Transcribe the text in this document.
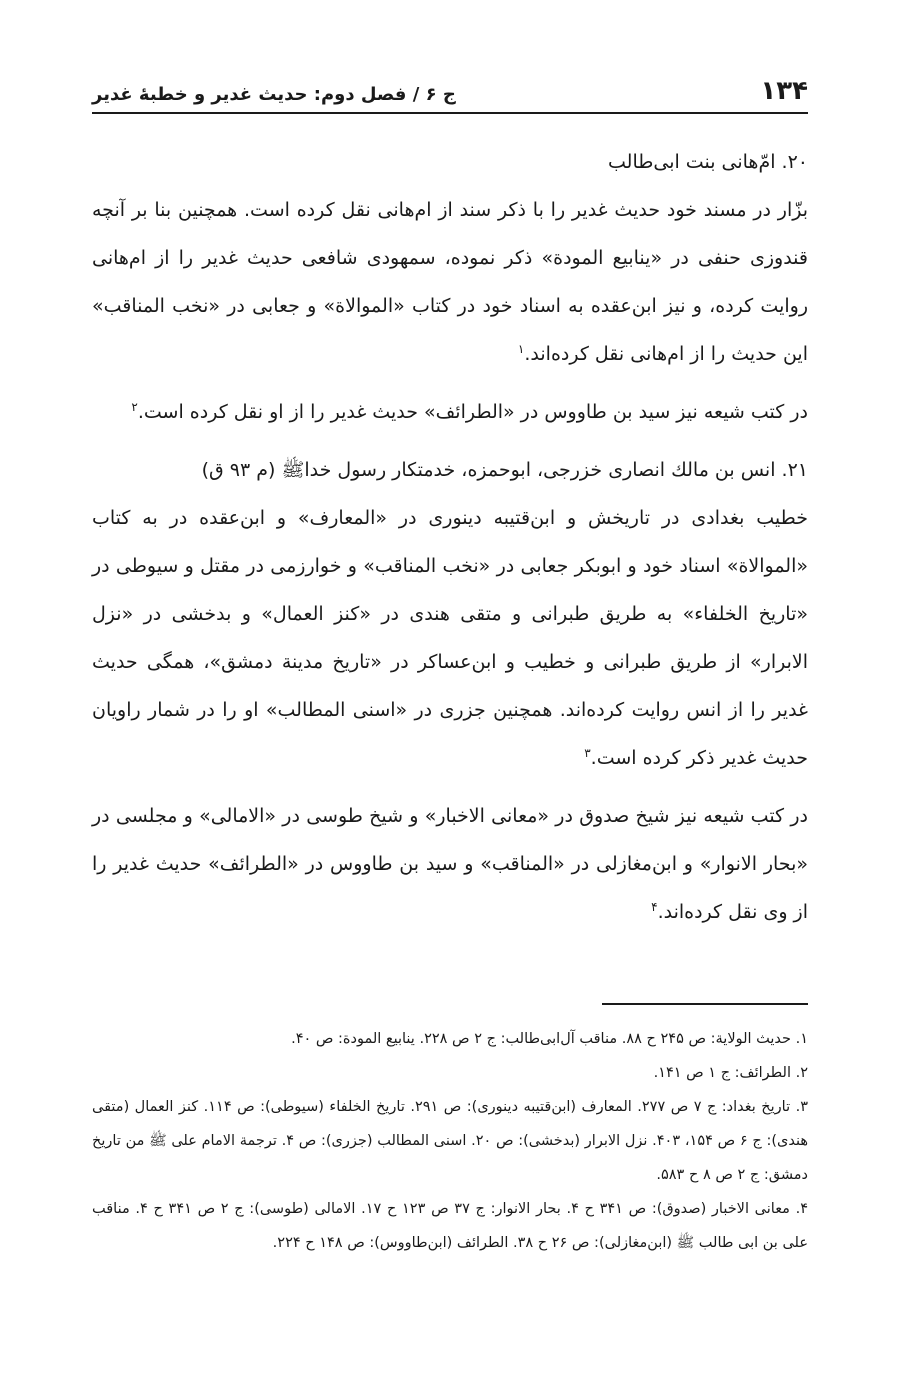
۱۳۴
ج ۶ / فصل دوم: حديث غدير و خطبهٔ غدير

۲۰. امّ‌هانى بنت ابى‌طالب

بزّار در مسند خود حديث غدير را با ذكر سند از ام‌هانى نقل كرده است. همچنين بنا بر آنچه قندوزى حنفى در «ينابيع المودة» ذكر نموده، سمهودى شافعى حديث غدير را از ام‌هانى روايت كرده، و نيز ابن‌عقده به اسناد خود در كتاب «الموالاة» و جعابى در «نخب المناقب» اين حديث را از ام‌هانى نقل كرده‌اند.$^۱$

در كتب شيعه نيز سيد بن طاووس در «الطرائف» حديث غدير را از او نقل كرده است.$^۲$

۲۱. انس بن مالك انصارى خزرجى، ابوحمزه، خدمتكار رسول خداﷺ (م ۹۳ ق)

خطيب بغدادى در تاريخش و ابن‌قتيبه دينورى در «المعارف» و ابن‌عقده در به كتاب «الموالاة» اسناد خود و ابوبكر جعابى در «نخب المناقب» و خوارزمى در مقتل و سيوطى در «تاريخ الخلفاء» به طريق طبرانى و متقى هندى در «كنز العمال» و بدخشى در «نزل الابرار» از طريق طبرانى و خطيب و ابن‌عساكر در «تاريخ مدينة دمشق»، همگى حديث غدير را از انس روايت كرده‌اند. همچنين جزرى در «اسنى المطالب» او را در شمار راويان حديث غدير ذكر كرده است.$^۳$

در كتب شيعه نيز شيخ صدوق در «معانى الاخبار» و شيخ طوسى در «الامالى» و مجلسى در «بحار الانوار» و ابن‌مغازلى در «المناقب» و سيد بن طاووس در «الطرائف» حديث غدير را از وى نقل كرده‌اند.$^۴$

۱. حديث الولاية: ص ۲۴۵ ح ۸۸. مناقب آل‌ابى‌طالب: ج ۲ ص ۲۲۸. ينابيع المودة: ص ۴۰.

۲. الطرائف: ج ۱ ص ۱۴۱.

۳. تاريخ بغداد: ج ۷ ص ۲۷۷. المعارف (ابن‌قتيبه دينورى): ص ۲۹۱. تاريخ الخلفاء (سيوطى): ص ۱۱۴. كنز العمال (متقى هندى): ج ۶ ص ۱۵۴، ۴۰۳. نزل الابرار (بدخشى): ص ۲۰. اسنى المطالب (جزرى): ص ۴. ترجمة الامام على ﷺ من تاريخ دمشق: ج ۲ ص ۸ ح ۵۸۳.

۴. معانى الاخبار (صدوق): ص ۳۴۱ ح ۴. بحار الانوار: ج ۳۷ ص ۱۲۳ ح ۱۷. الامالى (طوسى): ج ۲ ص ۳۴۱ ح ۴. مناقب على بن ابى طالب ﷺ (ابن‌مغازلى): ص ۲۶ ح ۳۸. الطرائف (ابن‌طاووس): ص ۱۴۸ ح ۲۲۴.
